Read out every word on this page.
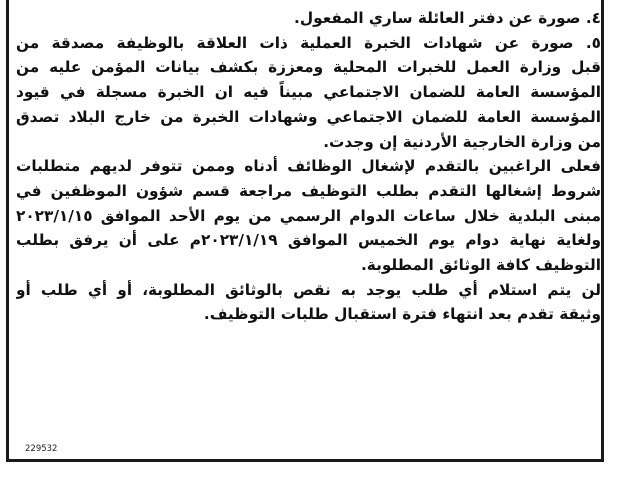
٤. صورة عن دفتر العائلة ساري المفعول.
٥. صورة عن شهادات الخبرة العملية ذات العلاقة بالوظيفة مصدقة من
قبل وزارة العمل للخبرات المحلية ومعززة بكشف بيانات المؤمن عليه من
المؤسسة العامة للضمان الاجتماعي مبيناً فيه ان الخبرة مسجلة في قيود
المؤسسة العامة للضمان الاجتماعي وشهادات الخبرة من خارج البلاد تصدق
من وزارة الخارجية الأردنية إن وجدت.
فعلى الراغبين بالتقدم لإشغال الوظائف أدناه وممن تتوفر لديهم متطلبات
شروط إشغالها التقدم بطلب التوظيف مراجعة قسم شؤون الموظفين في
مبنى البلدية خلال ساعات الدوام الرسمي من يوم الأحد الموافق ٢٠٢٣/١/١٥
ولغاية نهاية دوام يوم الخميس الموافق ٢٠٢٣/١/١٩م على أن يرفق بطلب
التوظيف كافة الوثائق المطلوبة.
لن يتم استلام أي طلب يوجد به نقص بالوثائق المطلوبة، أو أي طلب أو
وثيقة تقدم بعد انتهاء فترة استقبال طلبات التوظيف.
229532
